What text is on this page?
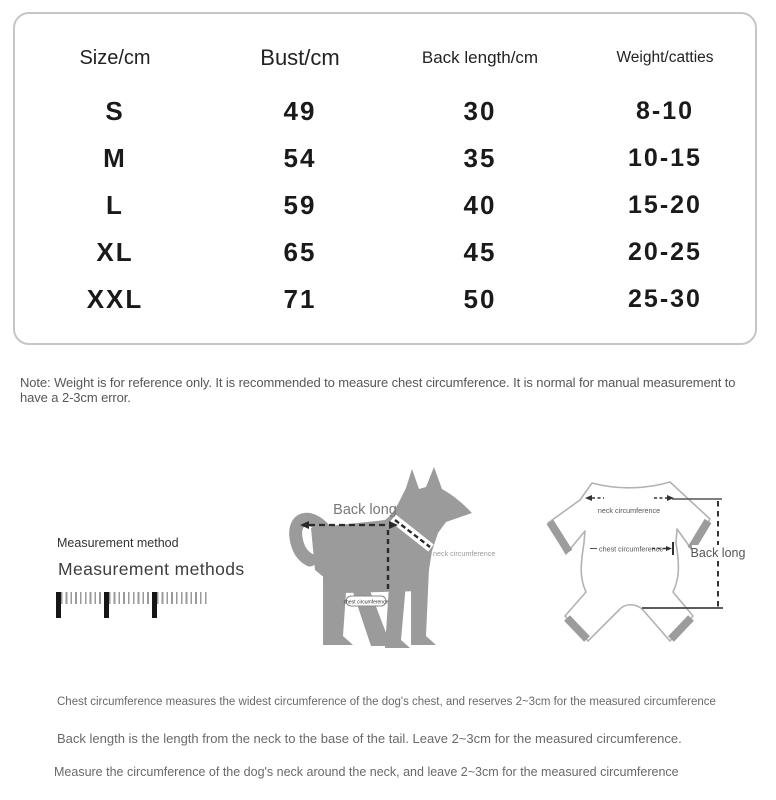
Size/cm	Bust/cm	Back length/cm	Weight/catties
S	49	30	8-10
M	54	35	10-15
L	59	40	15-20
XL	65	45	20-25
XXL	71	50	25-30
Note: Weight is for reference only. It is recommended to measure chest circumference. It is normal for manual measurement to have a 2-3cm error.
Measurement method
Measurement methods
Back long
neck circumference
chest circumference
neck circumference
chest circumference Back long
Chest circumference measures the widest circumference of the dog's chest, and reserves 2~3cm for the measured circumference
Back length is the length from the neck to the base of the tail. Leave 2~3cm for the measured circumference.
Measure the circumference of the dog's neck around the neck, and leave 2~3cm for the measured circumference
